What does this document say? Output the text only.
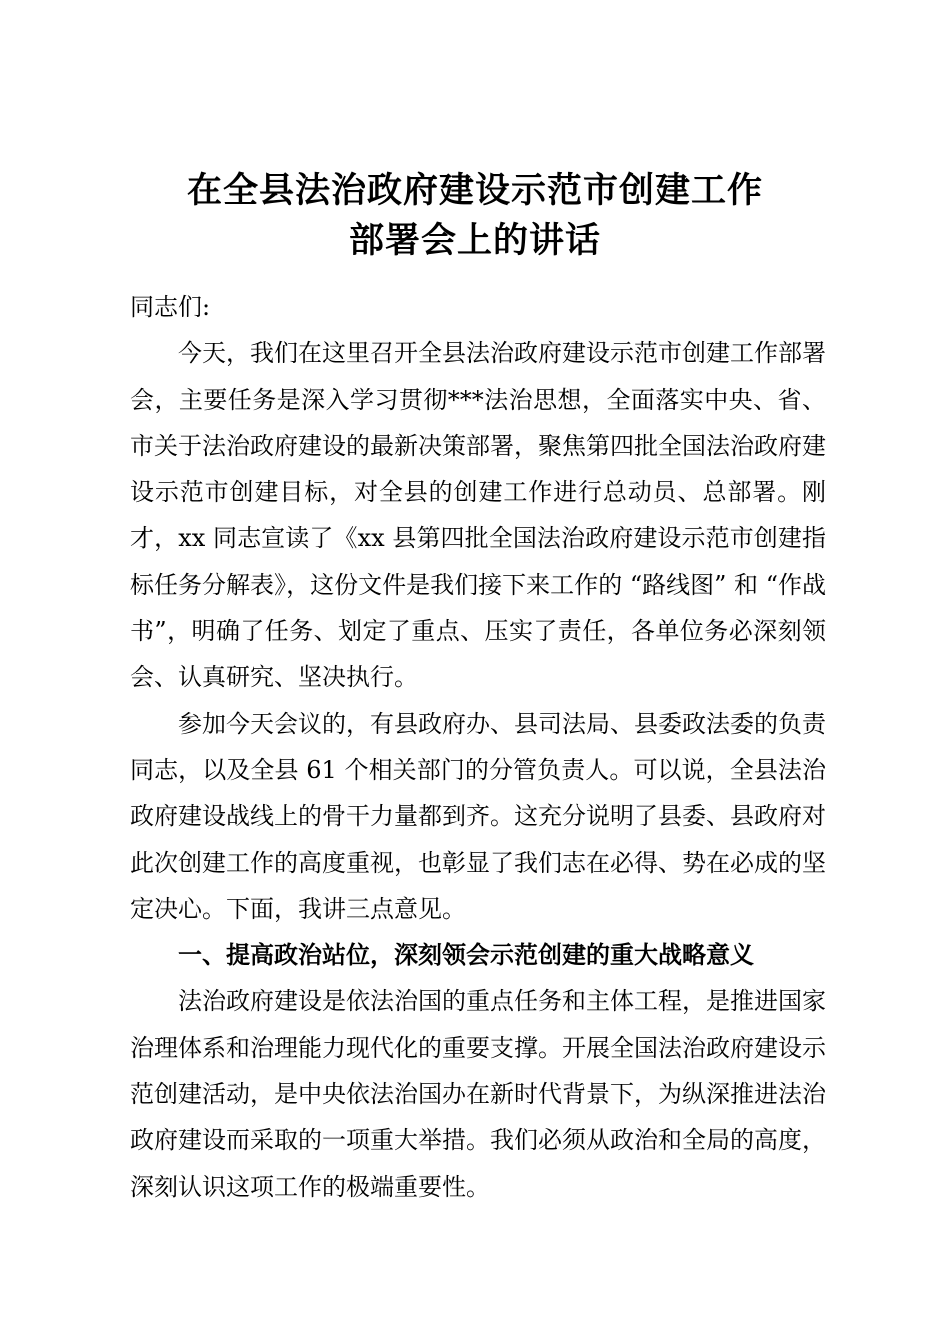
在全县法治政府建设示范市创建工作
部署会上的讲话

同志们:

今天，我们在这里召开全县法治政府建设示范市创建工作部署会，主要任务是深入学习贯彻***法治思想，全面落实中央、省、市关于法治政府建设的最新决策部署，聚焦第四批全国法治政府建设示范市创建目标，对全县的创建工作进行总动员、总部署。刚才，xx 同志宣读了《xx 县第四批全国法治政府建设示范市创建指标任务分解表》，这份文件是我们接下来工作的 “路线图” 和 “作战书”，明确了任务、划定了重点、压实了责任，各单位务必深刻领会、认真研究、坚决执行。

参加今天会议的，有县政府办、县司法局、县委政法委的负责同志，以及全县 61 个相关部门的分管负责人。可以说，全县法治政府建设战线上的骨干力量都到齐。这充分说明了县委、县政府对此次创建工作的高度重视，也彰显了我们志在必得、势在必成的坚定决心。下面，我讲三点意见。

一、提高政治站位，深刻领会示范创建的重大战略意义

法治政府建设是依法治国的重点任务和主体工程，是推进国家治理体系和治理能力现代化的重要支撑。开展全国法治政府建设示范创建活动，是中央依法治国办在新时代背景下，为纵深推进法治政府建设而采取的一项重大举措。我们必须从政治和全局的高度，深刻认识这项工作的极端重要性。
